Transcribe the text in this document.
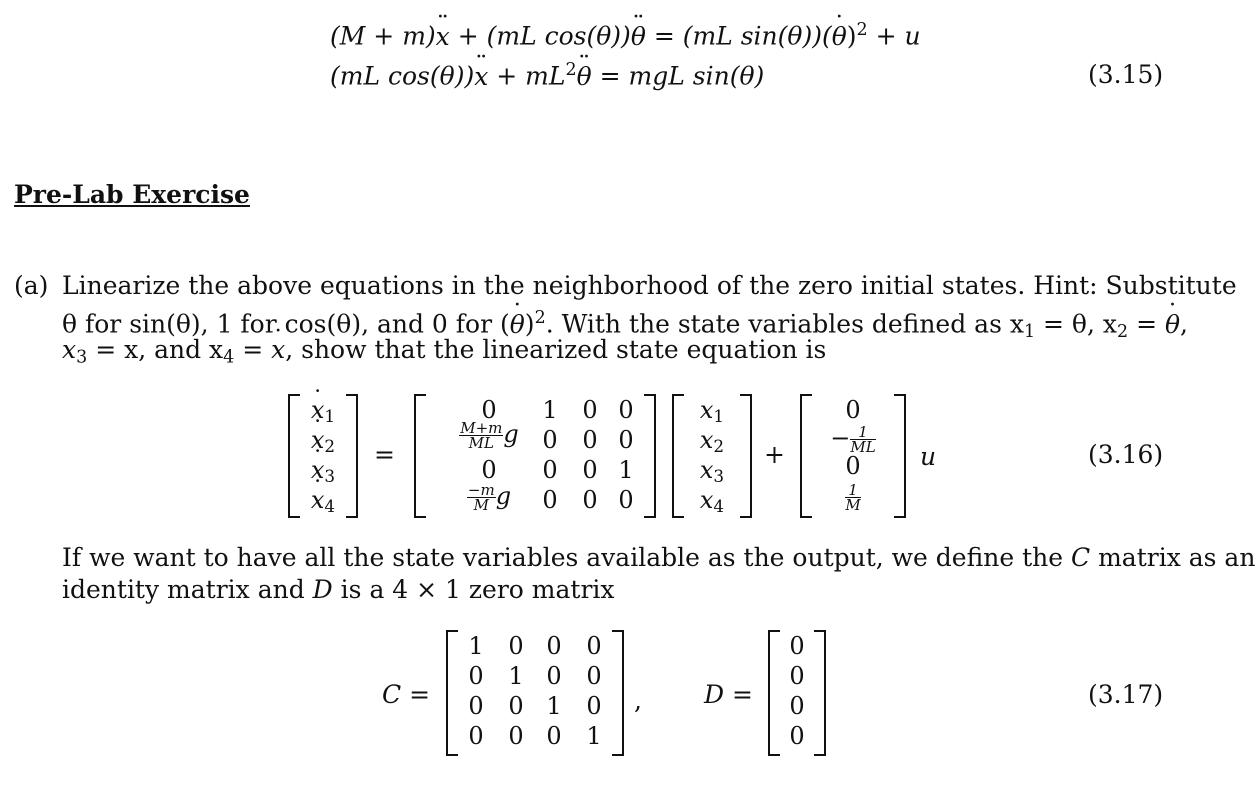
(M + m)¨ x + (mL cos(θ))¨ θ = (mL sin(θ))(˙ θ)$^2$ + u
(mL cos(θ))¨ $x + mL^2¨$ θ = mgL sin(θ)	(3.15)
Pre-Lab Exercise
(a) Linearize the above equations in the neighborhood of the zero initial states. Hint: Substitute
θ for sin(θ), 1 for cos(θ), and 0 for (˙ θ)$^2$. With the state variables defined as $x_1 = \theta$, $x_2$ = ˙ θ,
$x_3 = x$, and $x_4$ = ˙ x, show that the linearized state equation is
˙ $x_1$
˙ $x_2$
˙ $x_3$
˙ $x_4$
=
0
$\frac{M+m}{ML}$ g
0
$\frac{-m}{M}$ g
1 0 0
0 0 0
0 0 1
0 0 0
$x_1$
$x_2$
$x_3$
$x_4$
+
0
− $\frac{1}{ML}$
0
$\frac{1}{M}$
u	(3.16)
If we want to have all the state variables available as the output, we define the C matrix as an
identity matrix and D is a 4 × 1 zero matrix
C =
1 0 0 0
0 1 0 0
0 0 1 0
0 0 0 1
, D =
0
0
0
0
(3.17)
